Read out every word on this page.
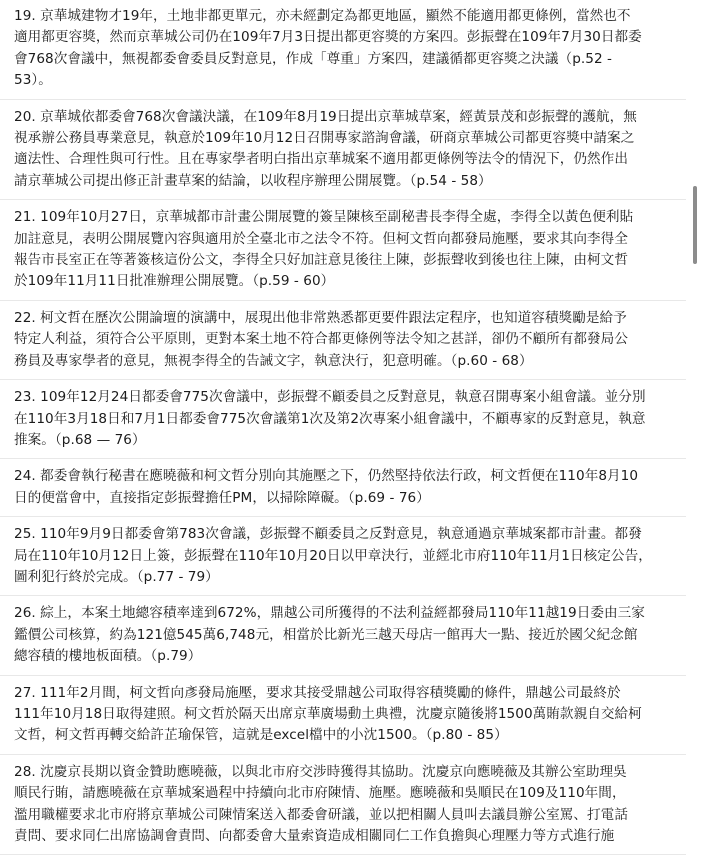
19. 京華城建物才19年，土地非都更單元，亦未經劃定為都更地區，顯然不能適用都更條例，當然也不
適用都更容獎，然而京華城公司仍在109年7月3日提出都更容獎的方案四。彭振聲在109年7月30日都委
會768次會議中，無視都委會委員反對意見，作成「尊重」方案四，建議循都更容獎之決議（p.52 -
53）。
20. 京華城依都委會768次會議決議，在109年8月19日提出京華城草案，經黃景茂和彭振聲的護航，無
視承辦公務員專業意見，執意於109年10月12日召開專家諮詢會議，研商京華城公司都更容獎中請案之
適法性、合理性與可行性。且在專家學者明白指出京華城案不適用都更條例等法令的情況下，仍然作出
請京華城公司提出修正計畫草案的結論，以收程序辦理公開展覽。（p.54 - 58）
21. 109年10月27日，京華城都市計畫公開展覽的簽呈陳核至副秘書長李得全處，李得全以黃色便利貼
加註意見，表明公開展覽內容與適用於全臺北市之法令不符。但柯文哲向都發局施壓，要求其向李得全
報告市長室正在等著簽核這份公文，李得全只好加註意見後往上陳，彭振聲收到後也往上陳，由柯文哲
於109年11月11日批准辦理公開展覽。（p.59 - 60）
22. 柯文哲在歷次公開論壇的演講中，展現出他非常熟悉都更要件跟法定程序，也知道容積獎勵是給予
特定人利益，須符合公平原則，更對本案土地不符合都更條例等法令知之甚詳，卻仍不顧所有都發局公
務員及專家學者的意見，無視李得全的告誡文字，執意決行，犯意明確。（p.60 - 68）
23. 109年12月24日都委會775次會議中，彭振聲不顧委員之反對意見，執意召開專案小組會議。並分別
在110年3月18日和7月1日都委會775次會議第1次及第2次專案小組會議中，不顧專家的反對意見，執意
推案。（p.68 — 76）
24. 都委會執行秘書在應曉薇和柯文哲分別向其施壓之下，仍然堅持依法行政，柯文哲便在110年8月10
日的便當會中，直接指定彭振聲擔任PM，以掃除障礙。（p.69 - 76）
25. 110年9月9日都委會第783次會議，彭振聲不顧委員之反對意見，執意通過京華城案都市計畫。都發
局在110年10月12日上簽，彭振聲在110年10月20日以甲章決行，並經北市府110年11月1日核定公告，
圖利犯行終於完成。（p.77 - 79）
26. 綜上，本案土地總容積率達到672%，鼎越公司所獲得的不法利益經都發局110年11越19日委由三家
鑑價公司核算，約為121億545萬6,748元，相當於比新光三越天母店一館再大一點、接近於國父紀念館
總容積的樓地板面積。（p.79）
27. 111年2月間，柯文哲向彥發局施壓，要求其接受鼎越公司取得容積獎勵的條件，鼎越公司最終於
111年10月18日取得建照。柯文哲於隔天出席京華廣場動土典禮，沈慶京隨後將1500萬賄款親自交給柯
文哲，柯文哲再轉交給許芷瑜保管，這就是excel檔中的小沈1500。（p.80 - 85）
28. 沈慶京長期以資金贊助應曉薇，以與北市府交涉時獲得其協助。沈慶京向應曉薇及其辦公室助理吳
順民行賄，請應曉薇在京華城案過程中持續向北市府陳情、施壓。應曉薇和吳順民在109及110年間，
濫用職權要求北市府將京華城公司陳情案送入都委會研議，並以把相關人員叫去議員辦公室罵、打電話
責問、要求同仁出席協調會責問、向都委會大量索資造成相關同仁工作負擔與心理壓力等方式進行施
